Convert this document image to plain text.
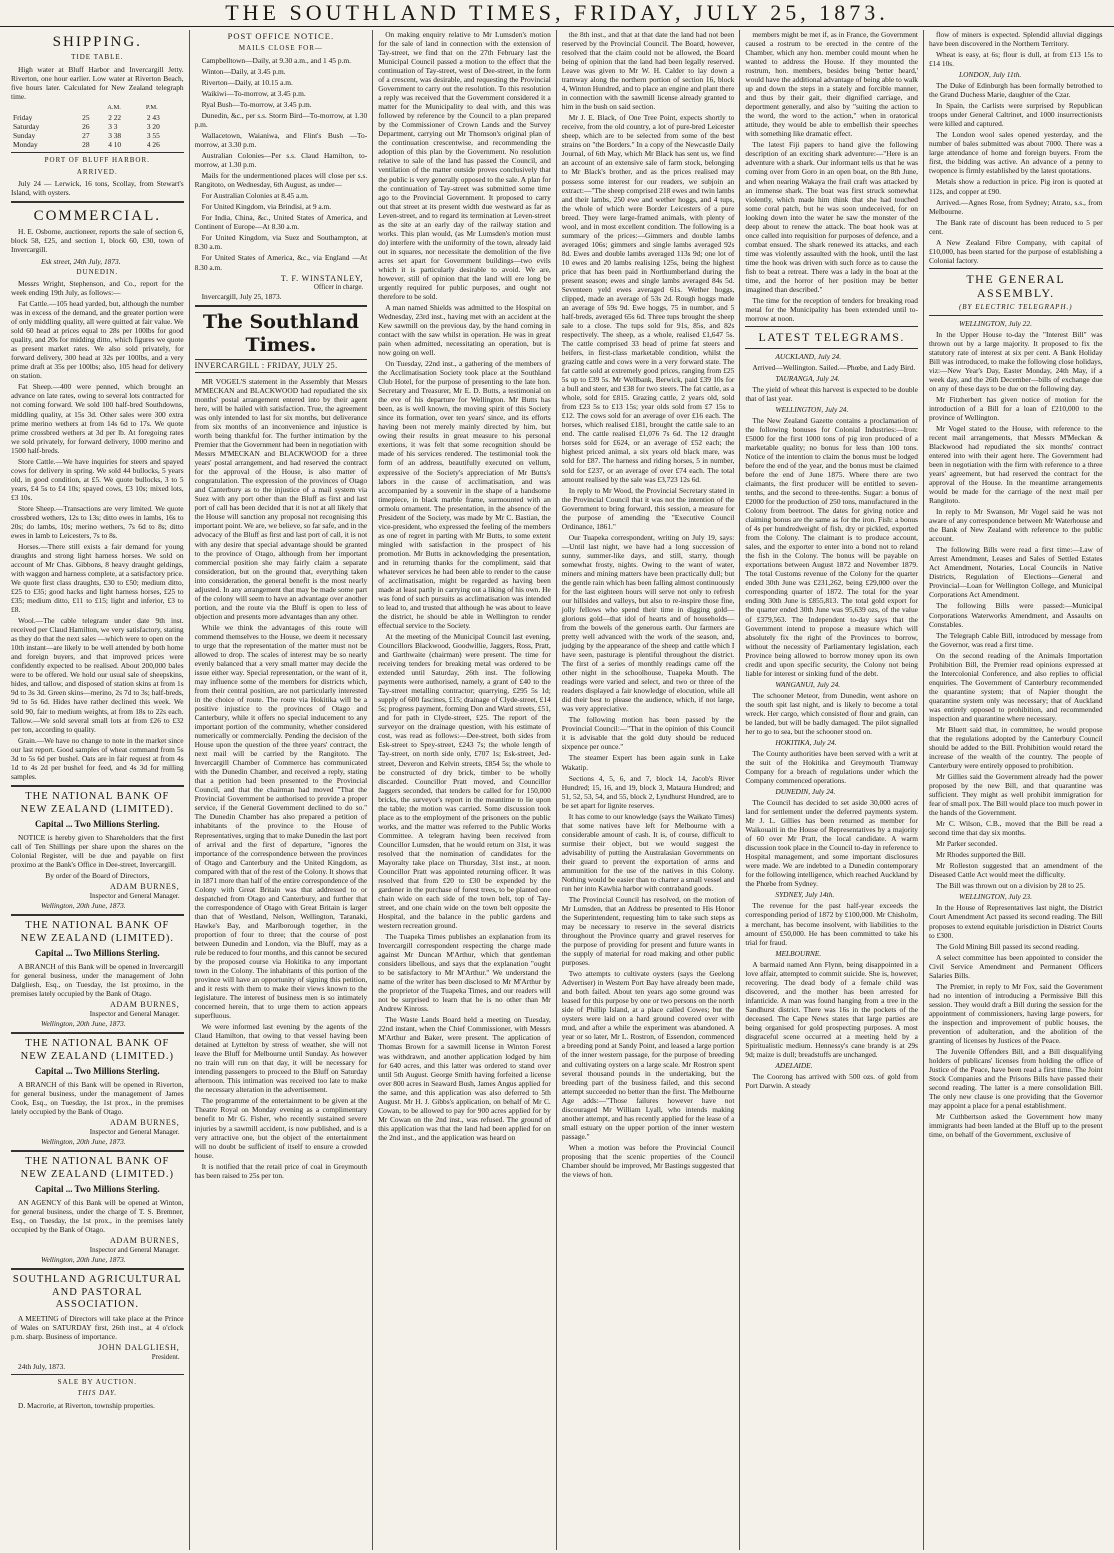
THE SOUTHLAND TIMES, FRIDAY, JULY 25, 1873.
SHIPPING.
TIDE TABLE.

High water at Bluff Harbor and Invercargill Jetty. Riverton, one hour earlier. Low water at Riverton Beach, five hours later. Calculated for New Zealand telegraph time.

		A.M.	P.M.
Friday	25	2 22	2 43
Saturday	26	3 3	3 20
Sunday	27	3 38	3 55
Monday	28	4 10	4 26
PORT OF BLUFF HARBOR.
ARRIVED.

July 24 — Lerwick, 16 tons, Scollay, from Stewart's Island, with oysters.

COMMERCIAL.

H. E. Osborne, auctioneer, reports the sale of section 6, block 58, £25, and section 1, block 60, £30, town of Invercargill.

Esk street, 24th July, 1873.

DUNEDIN.

Messrs Wright, Stephenson, and Co., report for the week ending 19th July, as follows:—

Fat Cattle.—105 head yarded, but, although the number was in excess of the demand, and the greater portion were of only middling quality, all were quitted at fair value. We sold 60 head at prices equal to 28s per 100lbs for good quality, and 20s for midding ditto, which figures we quote as present market rates. We also sold privately, for forward delivery, 300 head at 32s per 100lbs, and a very prime draft at 35s per 100lbs; also, 105 head for delivery on station.

Fat Sheep.—400 were penned, which brought an advance on late rates, owing to several lots contracted for not coming forward. We sold 100 half-bred Southdowns, middling quality, at 15s 3d. Other sales were 300 extra prime merino wethers at from 14s 6d to 17s. We quote prime crossbred wethers at 3d per lb. At foregoing rates we sold privately, for forward delivery, 1000 merino and 1500 half-breds.

Store Cattle.—We have inquiries for steers and spayed cows for delivery in spring. We sold 44 bullocks, 5 years old, in good condition, at £5. We quote bullocks, 3 to 5 years, £4 5s to £4 10s; spayed cows, £3 10s; mixed lots, £3 10s.

Store Sheep.—Transactions are very limited. We quote crossbred wethers, 12s to 13s; ditto ewes in lambs, 16s to 20s; do lambs, 10s; merino wethers, 7s 6d to 8s; ditto ewes in lamb to Leicesters, 7s to 8s.

Horses.—There still exists a fair demand for young draughts and strong light harness horses. We sold on account of Mr Chas. Gibbons, 8 heavy draught geldings, with waggon and harness complete, at a satisfactory price. We quote first class draughts, £30 to £50; medium ditto, £25 to £35; good hacks and light harness horses, £25 to £35; medium ditto, £11 to £15; light and inferior, £3 to £8.

Wool.—The cable telegram under date 9th inst. received per Claud Hamilton, we very satisfactory, stating as they do that the next sales —which were to open on the 10th instant—are likely to be well attended by both home and foreign buyers, and that improved prices were confidently expected to be realised. About 200,000 bales were to be offered. We hold our usual sale of sheepskins, hides, and tallow, and disposed of station skins at from 1s 9d to 3s 3d. Green skins—merino, 2s 7d to 3s; half-breds, 9d to 5s 6d. Hides have rather declined this week. We sold 90, fair to medium weights, at from 18s to 22s each. Tallow.—We sold several small lots at from £26 to £32 per ton, according to quality.

Grain.—We have no change to note in the market since our last report. Good samples of wheat command from 5s 3d to 5s 6d per bushel. Oats are in fair request at from 4s 1d to 4s 2d per bushel for feed, and 4s 3d for milling samples.

THE NATIONAL BANK OF NEW ZEALAND (LIMITED).
Capital ... Two Millions Sterling.

NOTICE is hereby given to Shareholders that the first call of Ten Shillings per share upon the shares on the Colonial Register, will be due and payable on first proximo at the Bank's Office in Dee-street, Invercargill.

By order of the Board of Directors,

ADAM BURNES,
Inspector and General Manager.

Wellington, 20th June, 1873.

THE NATIONAL BANK OF NEW ZEALAND (LIMITED).
Capital ... Two Millions Sterling.

A BRANCH of this Bank will be opened in Invercargill for general business, under the management of John Dalgliesh, Esq., on Tuesday, the 1st proximo, in the premises lately occupied by the Bank of Otago.

ADAM BURNES,
Inspector and General Manager.

Wellington, 20th June, 1873.

THE NATIONAL BANK OF NEW ZEALAND (LIMITED.)
Capital ... Two Millions Sterling.

A BRANCH of this Bank will be opened in Riverton, for general business, under the management of James Cook, Esq., on Tuesday, the 1st prox., in the premises lately occupied by the Bank of Otago.

ADAM BURNES,
Inspector and General Manager.

Wellington, 20th June, 1873.

THE NATIONAL BANK OF NEW ZEALAND (LIMITED.)
Capital ... Two Millions Sterling.

AN AGENCY of this Bank will be opened at Winton, for general business, under the charge of T. S. Bremner, Esq., on Tuesday, the 1st prox., in the premises lately occupied by the Bank of Otago.

ADAM BURNES,
Inspector and General Manager.

Wellington, 20th June, 1873.

SOUTHLAND AGRICULTURAL AND PASTORAL ASSOCIATION.

A MEETING of Directors will take place at the Prince of Wales on SATURDAY first, 26th inst., at 4 o'clock p.m. sharp. Business of importance.

JOHN DALGLIESH,
President.

24th July, 1873.

SALE BY AUCTION.
THIS DAY.

D. Macrorie, at Riverton, township properties.

POST OFFICE NOTICE.
MAILS CLOSE FOR—

Campbelltown—Daily, at 9.30 a.m., and 1 45 p.m.

Winton—Daily, at 3.45 p.m.

Riverton—Daily, at 10.15 a.m.

Waikiwi—To-morrow, at 3.45 p.m.

Ryal Bush—To-morrow, at 3.45 p.m.

Dunedin, &c., per s.s. Storm Bird—To-morrow, at 1.30 p.m.

Wallacetown, Waianiwa, and Flint's Bush —To-morrow, at 3.30 p.m.

Australian Colonies—Per s.s. Claud Hamilton, to-morrow, at 1.30 p.m.

Mails for the undermentioned places will close per s.s. Rangitoto, on Wednesday, 6th August, as under—

For Australian Colonies at 8.45 a.m.

For United Kingdom, via Brindisi, at 9 a.m.

For India, China, &c., United States of America, and Continent of Europe—At 8.30 a.m.

For United Kingdom, via Suez and Southampton, at 8.30 a.m.

For United States of America, &c., via England —At 8.30 a.m.

T. F. WINSTANLEY,
Officer in charge.

Invercargill, July 25, 1873.

The Southland Times.
INVERCARGILL : FRIDAY, JULY 25.

MR VOGEL'S statement in the Assembly that Messrs M'MECKAN and BLACKWOOD had repudiated the six months' postal arrangement entered into by their agent here, will be hailed with satisfaction. True, the agreement was only intended to last for six months, but deliverance from six months of an inconvenience and injustice is worth being thankful for. The further intimation by the Premier that the Government had been in negotiation with Messrs M'MECKAN and BLACKWOOD for a three years' postal arrangement, and had reserved the contract for the approval of the House, is also matter of congratulation. The expression of the provinces of Otago and Canterbury as to the injustice of a mail system via Suez with any port other than the Bluff as first and last port of call has been decided that it is not at all likely that the House will sanction any proposal not recognising this important point. We are, we believe, so far safe, and in the advocacy of the Bluff as first and last port of call, it is not with any desire that special advantage should be granted to the province of Otago, although from her important commercial position she may fairly claim a separate consideration, but on the ground that, everything taken into consideration, the general benefit is the most nearly adjusted. In any arrangement that may be made some part of the colony will seem to have an advantage over another portion, and the route via the Bluff is open to less of objection and presents more advantages than any other.

While we think the advantages of this route will commend themselves to the House, we deem it necessary to urge that the representation of the matter must not be allowed to drop. The scales of interest may be so nearly evenly balanced that a very small matter may decide the issue either way. Special representation, or the want of it, may influence some of the members for districts which, from their central position, are not particularly interested in the choice of route. The route via Hokitika will be a positive injustice to the provinces of Otago and Canterbury, while it offers no special inducement to any important portion of the community, whether considered numerically or commercially. Pending the decision of the House upon the question of the three years' contract, the next mail will be carried by the Rangitoto. The Invercargill Chamber of Commerce has communicated with the Dunedin Chamber, and received a reply, stating that a petition had been presented to the Provincial Council, and that the chairman had moved "That the Provincial Government be authorised to provide a proper service, if the General Government declined to do so." The Dunedin Chamber has also prepared a petition of inhabitants of the province to the House of Representatives, urging that to make Dunedin the last port of arrival and the first of departure, "ignores the importance of the correspondence between the provinces of Otago and Canterbury and the United Kingdom, as compared with that of the rest of the Colony. It shows that in 1871 more than half of the entire correspondence of the Colony with Great Britain was that addressed to or despatched from Otago and Canterbury, and further that the correspondence of Otago with Great Britain is larger than that of Westland, Nelson, Wellington, Taranaki, Hawke's Bay, and Marlborough together, in the proportion of four to three; that the course of post between Dunedin and London, via the Bluff, may as a rule be reduced to four months, and this cannot be secured by the proposed course via Hokitika to any important town in the Colony. The inhabitants of this portion of the province will have an opportunity of signing this petition, and it rests with them to make their views known to the legislature. The interest of business men is so intimately concerned herein, that to urge them to action appears superfluous.

We were informed last evening by the agents of the Claud Hamilton, that owing to that vessel having been detained at Lyttelton by stress of weather, she will not leave the Bluff for Melbourne until Sunday. As however no train will run on that day, it will be necessary for intending passengers to proceed to the Bluff on Saturday afternoon. This intimation was received too late to make the necessary alteration in the advertisement.

The programme of the entertainment to be given at the Theatre Royal on Monday evening as a complimentary benefit to Mr G. Fisher, who recently sustained severe injuries by a sawmill accident, is now published, and is a very attractive one, but the object of the entertainment will no doubt be sufficient of itself to ensure a crowded house.

It is notified that the retail price of coal in Greymouth has been raised to 25s per ton.

On making enquiry relative to Mr Lumsden's motion for the sale of land in connection with the extension of Tay-street, we find that on the 27th February last the Municipal Council passed a motion to the effect that the continuation of Tay-street, west of Dee-street, in the form of a crescent, was desirable, and requesting the Provincial Government to carry out the resolution. To this resolution a reply was received that the Government considered it a matter for the Municipality to deal with, and this was followed by reference by the Council to a plan prepared by the Commissioner of Crown Lands and the Survey Department, carrying out Mr Thomson's original plan of the continuation crescentwise, and recommending the adoption of this plan by the Government. No resolution relative to sale of the land has passed the Council, and ventilation of the matter outside proves conclusively that the public is very generally opposed to the sale. A plan for the continuation of Tay-street was submitted some time ago to the Provincial Government. It proposed to carry out that street at its present width due westward as far as Leven-street, and to regard its termination at Leven-street as the site at an early day of the railway station and works. This plan would, (as Mr Lumsden's motion must do) interfere with the uniformity of the town, already laid out in squares, nor necessitate the demolition of the five acres set apart for Government buildings—two evils which it is particularly desirable to avoid. We are, however, still of opinion that the land will ere long be urgently required for public purposes, and ought not therefore to be sold.

A man named Shields was admitted to the Hospital on Wednesday, 23rd inst., having met with an accident at the Kew sawmill on the previous day, by the hand coming in contact with the saw whilst in operation. He was in great pain when admitted, necessitating an operation, but is now going on well.

On Tuesday, 22nd inst., a gathering of the members of the Acclimatisation Society took place at the Southland Club Hotel, for the purpose of presenting to the late hon. Secretary and Treasurer, Mr E. D. Butts, a testimonial on the eve of his departure for Wellington. Mr Butts has been, as is well known, the moving spirit of this Society since its formation, over ten years' since, and its efforts having been not merely mainly directed by him, but owing their results in great measure to his personal exertions, it was felt that some recognition should be made of his services rendered. The testimonial took the form of an address, beautifully executed on vellum, expressive of the Society's appreciation of Mr Butts's labors in the cause of acclimatisation, and was accompanied by a souvenir in the shape of a handsome timepiece, in black marble frame, surmounted with an ormolu ornament. The presentation, in the absence of the President of the Society, was made by Mr C. Bastian, the vice-president, who expressed the feeling of the members as one of regret in parting with Mr Butts, to some extent mingled with satisfaction in the prospect of his promotion. Mr Butts in acknowledging the presentation, and in returning thanks for the compliment, said that whatever services he had been able to render to the cause of acclimatisation, might be regarded as having been made at least partly in carrying out a liking of his own. He was fond of such pursuits as acclimatisation was intended to lead to, and trusted that although he was about to leave the district, he should be able in Wellington to render effectual service to the Society.

At the meeting of the Municipal Council last evening, Councillors Blackwood, Goodwillie, Jaggers, Ross, Pratt, and Garthwaite (chairman) were present. The time for receiving tenders for breaking metal was ordered to be extended until Saturday, 26th inst. The following payments were authorised, namely, a grant of £40 to the Tay-street metalling contractor; quarrying, £295 5s 1d; supply of 600 fascines, £15; drainage of Clyde-street, £14 5s; progress payment, forming Don and Ward streets, £51, and for path in Clyde-street, £25. The report of the surveyor on the drainage question, with his estimate of cost, was read as follows:—Dee-street, both sides from Esk-street to Spey-street, £243 7s; the whole length of Tay-street, on north side only, £707 1s; Esk-street, Jed-street, Deveron and Kelvin streets, £854 5s; the whole to be constructed of dry brick, timber to be wholly discarded. Councillor Pratt moved, and Councillor Jaggers seconded, that tenders be called for for 150,000 bricks, the surveyor's report in the meantime to lie upon the table; the motion was carried. Some discussion took place as to the employment of the prisoners on the public works, and the matter was referred to the Public Works Committee. A telegram having been received from Councillor Lumsden, that he would return on 31st, it was resolved that the nomination of candidates for the Mayoralty take place on Thursday, 31st inst., at noon. Councillor Pratt was appointed returning officer. It was resolved that from £20 to £30 be expended by the gardener in the purchase of forest trees, to be planted one chain wide on each side of the town belt, top of Tay-street, and one chain wide on the town belt opposite the Hospital, and the balance in the public gardens and western recreation ground.

The Tuapeka Times publishes an explanation from its Invercargill correspondent respecting the charge made against Mr Duncan M'Arthur, which that gentleman considers libellous, and says that the explanation "ought to be satisfactory to Mr M'Arthur." We understand the name of the writer has been disclosed to Mr M'Arthur by the proprietor of the Tuapeka Times, and our readers will not be surprised to learn that he is no other than Mr Andrew Kinross.

The Waste Lands Board held a meeting on Tuesday, 22nd instant, when the Chief Commissioner, with Messrs M'Arthur and Baker, were present. The application of Thomas Brown for a sawmill license in Winton Forest was withdrawn, and another application lodged by him for 640 acres, and this latter was ordered to stand over until 5th August. George Smith having forfeited a license over 800 acres in Seaward Bush, James Angus applied for the same, and this application was also deferred to 5th August. Mr H. J. Gibbs's application, on behalf of Mr C. Cowan, to be allowed to pay for 900 acres applied for by Mr Cowan on the 2nd inst., was refused. The ground of this application was that the land had been applied for on the 2nd inst., and the application was heard on

the 8th inst., and that at that date the land had not been reserved by the Provincial Council. The Board, however, resolved that the claim could not be allowed, the Board being of opinion that the land had been legally reserved. Leave was given to Mr W. H. Calder to lay down a tramway along the northern portion of section 16, block 4, Winton Hundred, and to place an engine and plant there in connection with the sawmill license already granted to him in the bush on said section.

Mr J. E. Black, of One Tree Point, expects shortly to receive, from the old country, a lot of pure-bred Leicester sheep, which are to be selected from some of the best strains on "the Borders." In a copy of the Newcastle Daily Journal, of 6th May, which Mr Black has sent us, we find an account of an extensive sale of farm stock, belonging to Mr Black's brother, and as the prices realised may possess some interest for our readers, we subjoin an extract:—"The sheep comprised 218 ewes and twin lambs and their lambs, 250 ewe and wether hoggs, and 4 tups, the whole of which were Border Leicesters of a pure breed. They were large-framed animals, with plenty of wool, and in most excellent condition. The following is a summary of the prices:—Gimmers and double lambs averaged 106s; gimmers and single lambs averaged 92s 8d. Ewes and double lambs averaged 113s 9d; one lot of 10 ewes and 20 lambs realising 125s, being the highest price that has been paid in Northumberland during the present season; ewes and single lambs averaged 84s 5d. Seventeen yeld ewes averaged 61s. Wether hoggs, clipped, made an average of 53s 2d. Rough hoggs made an average of 59s 9d. Ewe hoggs, 75 in number, and 5 half-breds, averaged 65s 6d. Three tups brought the sheep sale to a close. The tups sold for 91s, 85s, and 82s respectively. The sheep, as a whole, realised £1,647 5s. The cattle comprised 33 head of prime fat steers and heifers, in first-class marketable condition, whilst the grazing cattle and cows were in a very forward state. The fat cattle sold at extremely good prices, ranging from £25 5s up to £39 5s. Mr Wellbank, Berwick, paid £39 10s for a bull and steer, and £38 for two steers. The fat cattle, as a whole, sold for £815. Grazing cattle, 2 years old, sold from £23 5s to £13 15s; year olds sold from £7 15s to £12. The cows sold for an average of over £16 each. The horses, which realised £181, brought the cattle sale to an end. The cattle realised £1,076 7s 6d. The 12 draught horses sold for £624, or an average of £52 each; the highest priced animal, a six years old black mare, was sold for £87. The harness and riding horses, 5 in number, sold for £237, or an average of over £74 each. The total amount realised by the sale was £3,723 12s 6d.

In reply to Mr Wood, the Provincial Secretary stated in the Provincial Council that it was not the intention of the Government to bring forward, this session, a measure for the purpose of amending the "Executive Council Ordinance, 1861."

Our Tuapeka correspondent, writing on July 19, says:—Until last night, we have had a long succession of sunny, summer-like days, and still, starry, though somewhat frosty, nights. Owing to the want of water, miners and mining matters have been practically dull; but the gentle rain which has been falling almost continuously for the last eighteen hours will serve not only to refresh our hillsides and valleys, but also to re-inspire those fine, jolly fellows who spend their time in digging gold—glorious gold—that idol of hearts and of households—from the bowels of the generous earth. Our farmers are pretty well advanced with the work of the season, and, judging by the appearance of the sheep and cattle which I have seen, pasturage is plentiful throughout the district. The first of a series of monthly readings came off the other night in the schoolhouse, Tuapeka Mouth. The readings were varied and select, and two or three of the readers displayed a fair knowledge of elocution, while all did their best to please the audience, which, if not large, was very appreciative.

The following motion has been passed by the Provincial Council:—"That in the opinion of this Council it is advisable that the gold duty should be reduced sixpence per ounce."

The steamer Expert has been again sunk in Lake Wakatip.

Sections 4, 5, 6, and 7, block 14, Jacob's River Hundred; 15, 16, and 19, block 3, Mataura Hundred; and 51, 52, 53, 54, and 55, block 2, Lyndhurst Hundred, are to be set apart for lignite reserves.

It has come to our knowledge (says the Waikato Times) that some natives have left for Melbourne with a considerable amount of cash. It is, of course, difficult to surmise their object, but we would suggest the advisability of putting the Australasian Governments on their guard to prevent the exportation of arms and ammunition for the use of the natives in this Colony. Nothing would be easier than to charter a small vessel and run her into Kawhia harbor with contraband goods.

The Provincial Council has resolved, on the motion of Mr Lumsden, that an Address be presented to His Honor the Superintendent, requesting him to take such steps as may be necessary to reserve in the several districts throughout the Province quarry and gravel reserves for the purpose of providing for present and future wants in the supply of material for road making and other public purposes.

Two attempts to cultivate oysters (says the Geelong Advertiser) in Western Port Bay have already been made, and both failed. About ten years ago some ground was leased for this purpose by one or two persons on the north side of Phillip Island, at a place called Cowes; but the oysters were laid on a hard ground covered over with mud, and after a while the experiment was abandoned. A year or so later, Mr L. Rostron, of Essendon, commenced a breeding pond at Sandy Point, and leased a large portion of the inner western passage, for the purpose of breeding and cultivating oysters on a large scale. Mr Rostron spent several thousand pounds in the undertaking, but the breeding part of the business failed, and this second attempt succeeded no better than the first. The Melbourne Age adds:—"Those failures however have not discouraged Mr William Lyall, who intends making another attempt, and has recently applied for the lease of a small estuary on the upper portion of the inner western passage."

When a motion was before the Provincial Council proposing that the scenic properties of the Council Chamber should be improved, Mr Bastings suggested that the views of hon.

members might be met if, as in France, the Government caused a rostrum to be erected in the centre of the Chamber, which any hon. member could mount when he wanted to address the House. If they mounted the rostrum, hon. members, besides being 'better heard,' would have the additional advantage of being able to walk up and down the steps in a stately and forcible manner, and thus by their gait, their dignified carriage, and deportment generally, and also by "suiting the action to the word, the word to the action," when in oratorical attitude, they would be able to embellish their speeches with something like dramatic effect.

The latest Fiji papers to hand give the following description of an exciting shark adventure:—"Here is an adventure with a shark. Our informant tells us that he was coming over from Goro in an open boat, on the 8th June, and when nearing Wakaya the frail craft was attacked by an immense shark. The boat was first struck somewhat violently, which made him think that she had touched some coral patch, but he was soon undeceived, for on looking down into the water he saw the monster of the deep about to renew the attack. The boat hook was at once called into requisition for purposes of defence, and a combat ensued. The shark renewed its attacks, and each time was violently assaulted with the hook, until the last time the hook was driven with such force as to cause the fish to beat a retreat. There was a lady in the boat at the time, and the horror of her position may be better imagined than described."

The time for the reception of tenders for breaking road metal for the Municipality has been extended until to-morrow at noon.

LATEST TELEGRAMS.

AUCKLAND, July 24.

Arrived—Wellington. Sailed.—Phœbe, and Lady Bird.

TAURANGA, July 24.

The yield of wheat this harvest is expected to be double that of last year.

WELLINGTON, July 24.

The New Zealand Gazette contains a proclamation of the following bonuses for Colonial Industries:—Iron: £5000 for the first 1000 tons of pig iron produced of a marketable quality; no bonus for less than 100 tons. Notice of the intention to claim the bonus must be lodged before the end of the year, and the bonus must be claimed before the end of June 1875. Where there are two claimants, the first producer will be entitled to seven-tenths, and the second to three-tenths. Sugar: a bonus of £2000 for the production of 250 tons, manufactured in the Colony from beetroot. The dates for giving notice and claiming bonus are the same as for the iron. Fish: a bonus of 4s per hundredweight of fish, dry or pickled, exported from the Colony. The claimant is to produce account, sales, and the exporter to enter into a bond not to reland the fish in the Colony. The bonus will be payable on exportations between August 1872 and November 1879. The total Customs revenue of the Colony for the quarter ended 30th June was £231,262, being £29,000 over the corresponding quarter of 1872. The total for the year ending 30th June is £855,813. The total gold export for the quarter ended 30th June was 95,639 ozs, of the value of £379,563. The Independent to-day says that the Government intend to propose a measure which will absolutely fix the right of the Provinces to borrow, without the necessity of Parliamentary legislation, each Province being allowed to borrow money upon its own credit and upon specific security, the Colony not being liable for interest or sinking fund of the debt.

WANGANUI, July 24.

The schooner Meteor, from Dunedin, went ashore on the south spit last night, and is likely to become a total wreck. Her cargo, which consisted of flour and grain, can be landed, but will be badly damaged. The pilot signalled her to go to sea, but the schooner stood on.

HOKITIKA, July 24.

The County authorities have been served with a writ at the suit of the Hokitika and Greymouth Tramway Company for a breach of regulations under which the Company commenced operations.

DUNEDIN, July 24.

The Council has decided to set aside 30,000 acres of land for settlement under the deferred payments system. Mr J. L. Gillies has been returned as member for Waikouaiti in the House of Representatives by a majority of 60 over Mr Pratt, the local candidate. A warm discussion took place in the Council to-day in reference to Hospital management, and some important disclosures were made. We are indebted to a Dunedin contemporary for the following intelligence, which reached Auckland by the Phœbe from Sydney.

SYDNEY, July 14th.

The revenue for the past half-year exceeds the corresponding period of 1872 by £100,000. Mr Chisholm, a merchant, has become insolvent, with liabilities to the amount of £50,000. He has been committed to take his trial for fraud.

MELBOURNE.

A barmaid named Ann Flynn, being disappointed in a love affair, attempted to commit suicide. She is, however, recovering. The dead body of a female child was discovered, and the mother has been arrested for infanticide. A man was found hanging from a tree in the Sandhurst district. There was 16s in the pockets of the deceased. The Cape News states that large parties are being organised for gold prospecting purposes. A most disgraceful scene occurred at a meeting held by a Spiritualistic medium. Hennessy's cane brandy is at 29s 9d; maize is dull; breadstuffs are unchanged.

ADELAIDE.

The Coorong has arrived with 500 ozs. of gold from Port Darwin. A steady

flow of miners is expected. Splendid alluvial diggings have been discovered in the Northern Territory.

Wheat is easy, at 6s; flour is dull, at from £13 15s to £14 10s.

LONDON, July 11th.

The Duke of Edinburgh has been formally betrothed to the Grand Duchess Marie, daughter of the Czar.

In Spain, the Carlists were surprised by Republican troops under General Caltrinet, and 1000 insurrectionists were killed and captured.

The London wool sales opened yesterday, and the number of bales submitted was about 7000. There was a large attendance of home and foreign buyers. From the first, the bidding was active. An advance of a penny to twopence is firmly established by the latest quotations.

Metals show a reduction in price. Pig iron is quoted at 112s, and copper at £90.

Arrived.—Agnes Rose, from Sydney; Atrato, s.s., from Melbourne.

The Bank rate of discount has been reduced to 5 per cent.

A New Zealand Fibre Company, with capital of £10,000, has been started for the purpose of establishing a Colonial factory.

THE GENERAL ASSEMBLY.
(BY ELECTRIC TELEGRAPH.)

WELLINGTON, July 22.

In the Upper House to-day the "Interest Bill" was thrown out by a large majority. It proposed to fix the statutory rate of interest at six per cent. A Bank Holiday Bill was introduced, to make the following close holidays, viz:—New Year's Day, Easter Monday, 24th May, if a week day, and the 26th December—bills of exchange due on any of these days to be due on the following day.

Mr Fitzherbert has given notice of motion for the introduction of a Bill for a loan of £210,000 to the province of Wellington.

Mr Vogel stated to the House, with reference to the recent mail arrangements, that Messrs M'Meckan & Blackwood had repudiated the six months' contract entered into with their agent here. The Government had been in negotiation with the firm with reference to a three years' agreement, but had reserved the contract for the approval of the House. In the meantime arrangements would be made for the carriage of the next mail per Rangitoto.

In reply to Mr Swanson, Mr Vogel said he was not aware of any correspondence between Mr Waterhouse and the Bank of New Zealand with reference to the public account.

The following Bills were read a first time:—Law of Arrest Amendment, Leases and Sales of Settled Estates Act Amendment, Notaries, Local Councils in Native Districts, Regulation of Elections—General and Provincial—Loan for Wellington College, and Municipal Corporations Act Amendment.

The following Bills were passed:—Municipal Corporations Waterworks Amendment, and Assaults on Constables.

The Telegraph Cable Bill, introduced by message from the Governor, was read a first time.

On the second reading of the Animals Importation Prohibition Bill, the Premier read opinions expressed at the Intercolonial Conference, and also replies to official enquiries. The Government of Canterbury recommended the quarantine system; that of Napier thought the quarantine system only was necessary; that of Auckland was entirely opposed to prohibition, and recommended inspection and quarantine where necessary.

Mr Bluett said that, in committee, he would propose that the regulations adopted by the Canterbury Council should be added to the Bill. Prohibition would retard the increase of the wealth of the country. The people of Canterbury were entirely opposed to prohibition.

Mr Gillies said the Government already had the power proposed by the new Bill, and that quarantine was sufficient. They might as well prohibit immigration for fear of small pox. The Bill would place too much power in the hands of the Government.

Mr C. Wilson, C.B., moved that the Bill be read a second time that day six months.

Mr Parker seconded.

Mr Rhodes supported the Bill.

Mr Rolleston suggested that an amendment of the Diseased Cattle Act would meet the difficulty.

The Bill was thrown out on a division by 28 to 25.

WELLINGTON, July 23.

In the House of Representatives last night, the District Court Amendment Act passed its second reading. The Bill proposes to extend equitable jurisdiction in District Courts to £300.

The Gold Mining Bill passed its second reading.

A select committee has been appointed to consider the Civil Service Amendment and Permanent Officers Salaries Bills.

The Premier, in reply to Mr Fox, said the Government had no intention of introducing a Permissive Bill this session. They would draft a Bill during the session for the appointment of commissioners, having large powers, for the inspection and improvement of public houses, the prevention of adulteration, and the abolition of the granting of licenses by Justices of the Peace.

The Juvenile Offenders Bill, and a Bill disqualifying holders of publicans' licenses from holding the office of Justice of the Peace, have been read a first time. The Joint Stock Companies and the Prisons Bills have passed their second reading. The latter is a mere consolidation Bill. The only new clause is one providing that the Governor may appoint a place for a penal establishment.

Mr Cuthbertson asked the Government how many immigrants had been landed at the Bluff up to the present time, on behalf of the Government, exclusive of
